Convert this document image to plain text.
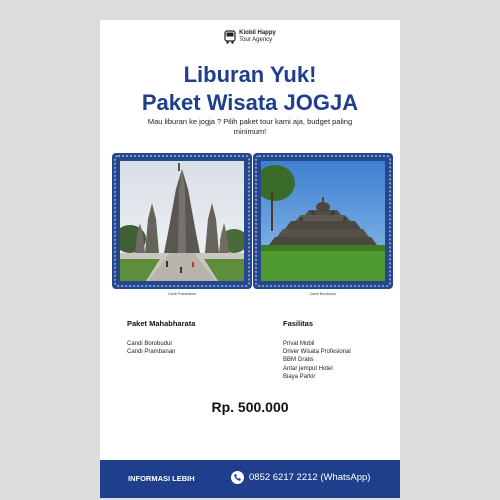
Kiobil Happy
Tour Agency
Liburan Yuk!
Paket Wisata JOGJA
Mau liburan ke jogja ? Pilih paket tour kami aja, budget paling minimum!
Candi Prambanan	Candi Borobudur
Paket Mahabharata
Candi Borobudur
Candi Prambanan
Fasilitas
Privat Mobil
Driver Wisata Profesional
BBM Gratis
Antar jemput Hotel
Biaya Parkir
Rp. 500.000
INFORMASI LEBIH	0852 6217 2212 (WhatsApp)
